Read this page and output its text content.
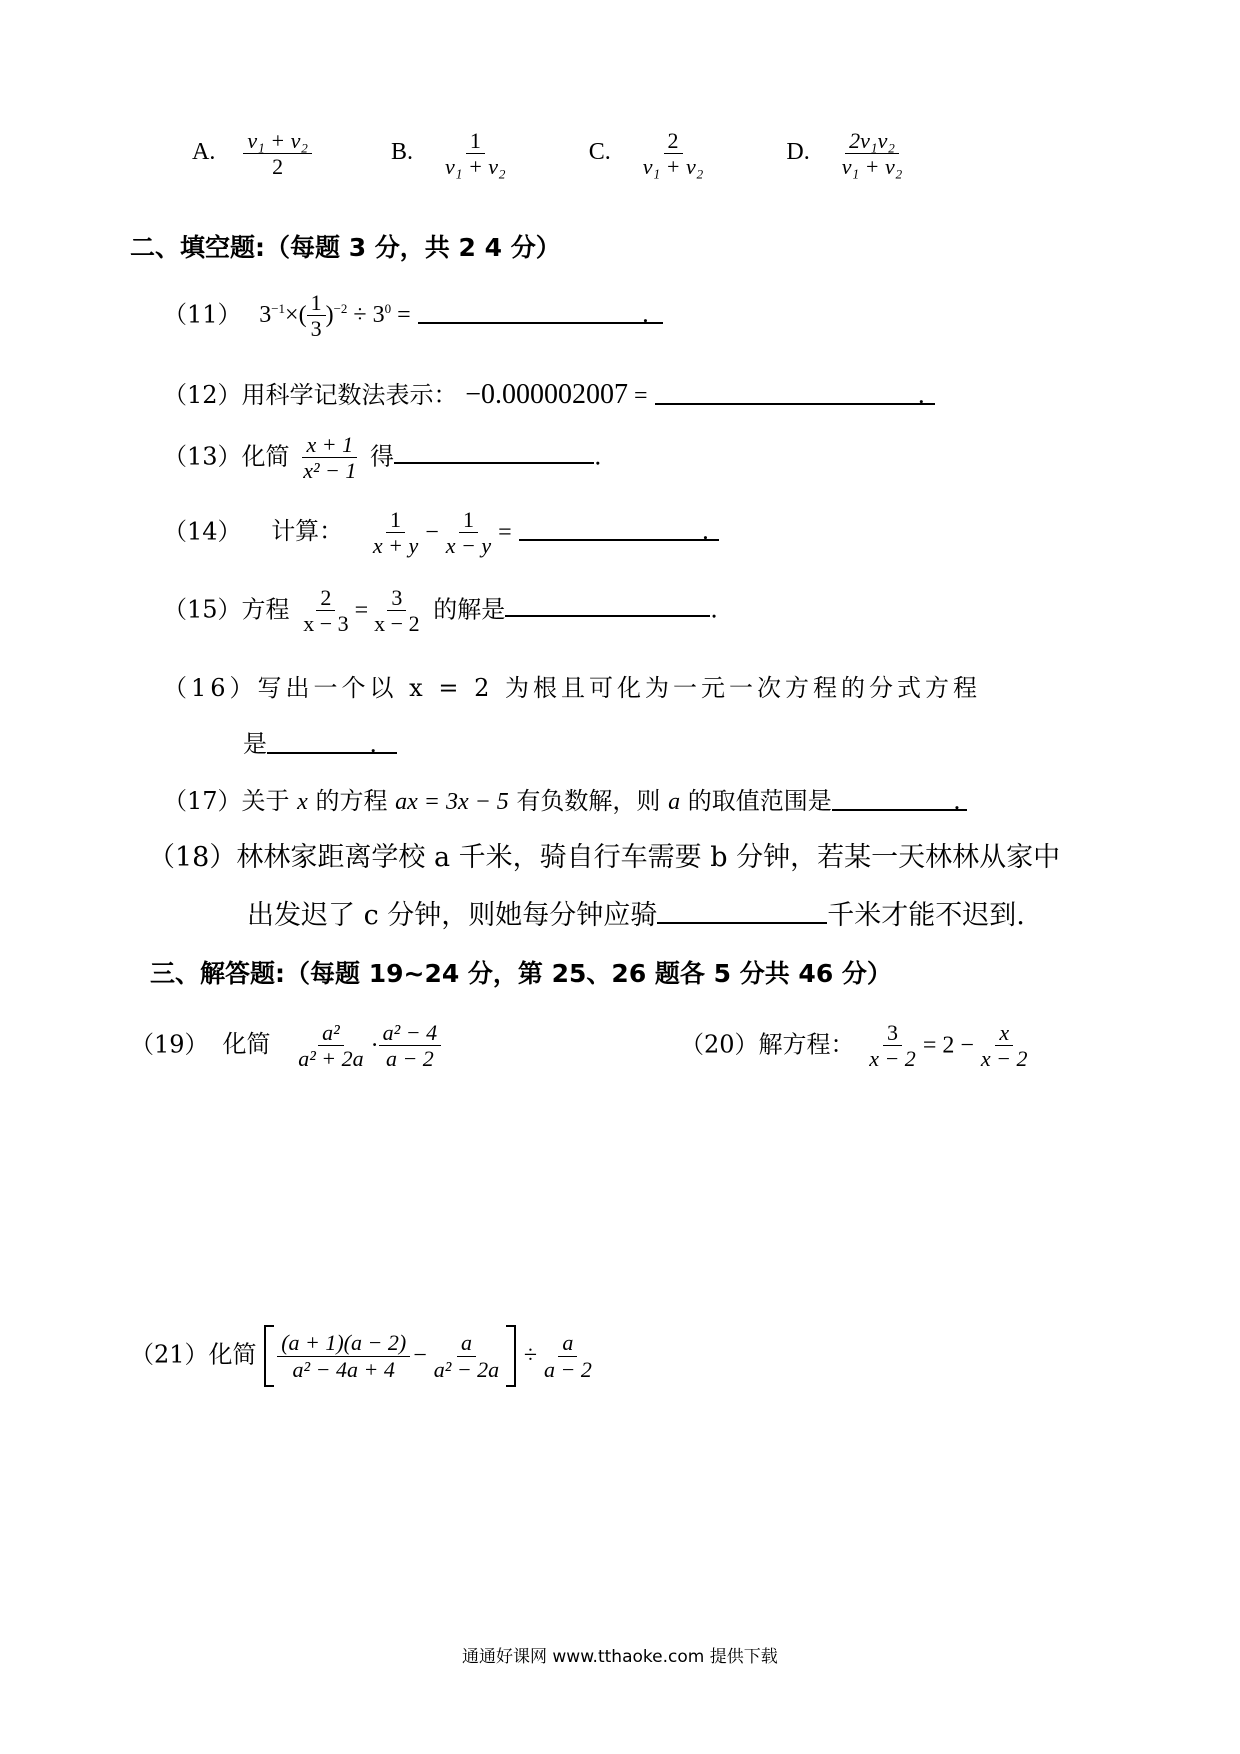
A. $\frac{\text{v₁ + v₂}}{2}$	B. $\frac{1}{\text{v₁ + v₂}}$	C. $\frac{2}{\text{v₁ + v₂}}$	D. $\frac{\text{2v₁v₂}}{\text{v₁ + v₂}}$
二、填空题:（每题 3 分，共 2 4 分）
（11） $3^{-1}\times( \frac{1}{3} )^{-2} \div 3^0$ =	.
（12）用科学记数法表示： −0.000002007 =	.
（13）化简 $\frac{x + 1}{\text{x² − 1}}$ 得	.
（14） 计算： $\frac{1}{x + y} - \frac{1}{x - y}$ =	.
（15）方程 $\frac{2}{x - 3} = \frac{3}{x - 2}$ 的解是	.
（16）写出一个以 x = 2 为根且可化为一元一次方程的分式方程
是	.
（17）关于 x 的方程 ax = 3x − 5 有负数解，则 a 的取值范围是	.
（18）林林家距离学校 a 千米，骑自行车需要 b 分钟，若某一天林林从家中
出发迟了 c 分钟，则她每分钟应骑	千米才能不迟到.
三、解答题:（每题 19~24 分，第 25、26 题各 5 分共 46 分）
（19） 化简 $\frac{\text{a²}}{\text{a² + 2a}} \cdot \frac{\text{a² − 4}}{a - 2}$	（20）解方程： $\frac{3}{x - 2} = 2 - \frac{x}{x - 2}$
（21）化简 $\frac{(a + 1)(a - 2)}{\text{a² − 4a + 4}} - \frac{a}{\text{a² − 2a}} \div \frac{a}{a - 2}$
通通好课网 www.tthaoke.com 提供下载
